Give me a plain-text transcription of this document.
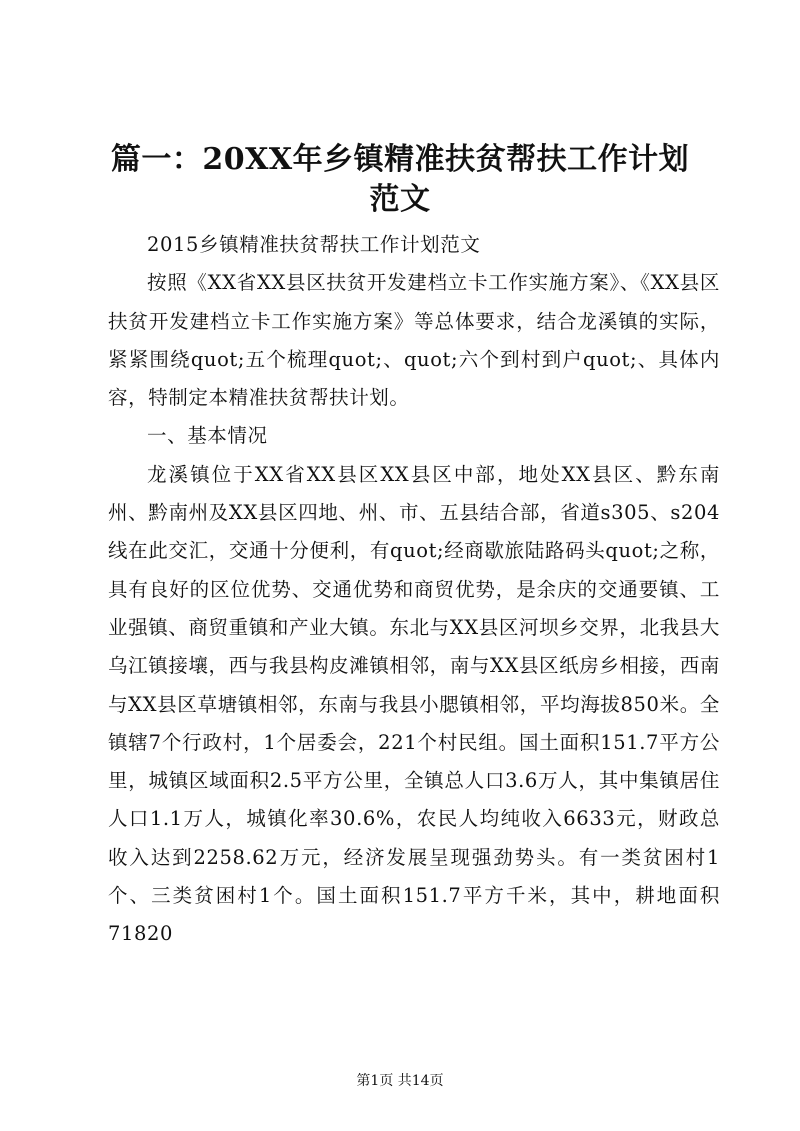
篇一：20XX年乡镇精准扶贫帮扶工作计划范文

2015乡镇精准扶贫帮扶工作计划范文

按照《XX省XX县区扶贫开发建档立卡工作实施方案》、《XX县区扶贫开发建档立卡工作实施方案》等总体要求，结合龙溪镇的实际，紧紧围绕quot;五个梳理quot;、quot;六个到村到户quot;、具体内容，特制定本精准扶贫帮扶计划。

一、基本情况

龙溪镇位于XX省XX县区XX县区中部，地处XX县区、黔东南州、黔南州及XX县区四地、州、市、五县结合部，省道s305、s204线在此交汇，交通十分便利，有quot;经商歇旅陆路码头quot;之称，具有良好的区位优势、交通优势和商贸优势，是余庆的交通要镇、工业强镇、商贸重镇和产业大镇。东北与XX县区河坝乡交界，北我县大乌江镇接壤，西与我县构皮滩镇相邻，南与XX县区纸房乡相接，西南与XX县区草塘镇相邻，东南与我县小腮镇相邻，平均海拔850米。全镇辖7个行政村，1个居委会，221个村民组。国土面积151.7平方公里，城镇区域面积2.5平方公里，全镇总人口3.6万人，其中集镇居住人口1.1万人，城镇化率30.6%，农民人均纯收入6633元，财政总收入达到2258.62万元，经济发展呈现强劲势头。有一类贫困村1个、三类贫困村1个。国土面积151.7平方千米，其中，耕地面积71820

第1页 共14页
